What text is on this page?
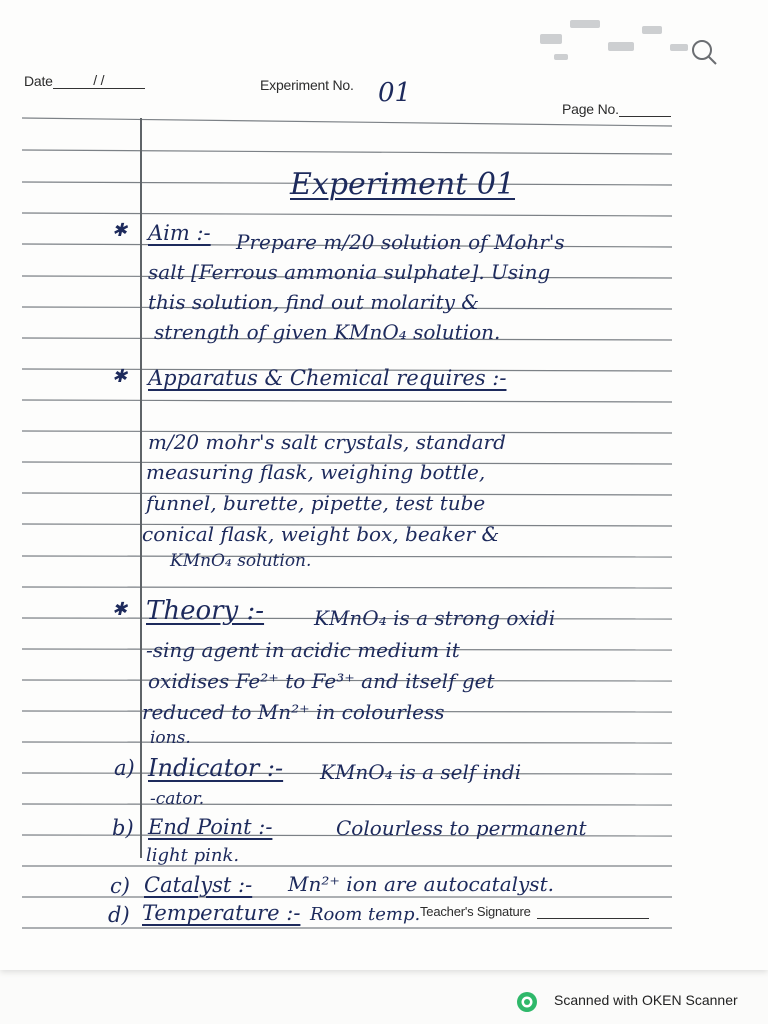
Date	/ /	Experiment No. 01
Page No.
Experiment 01
✱ Aim :- Prepare m/20 solution of Mohr's
salt [Ferrous ammonia sulphate]. Using
this solution, find out molarity &
strength of given KMnO₄ solution.
✱ Apparatus & Chemical requires :-
m/20 mohr's salt crystals, standard
measuring flask, weighing bottle,
funnel, burette, pipette, test tube
conical flask, weight box, beaker &
KMnO₄ solution.
✱ Theory :- KMnO₄ is a strong oxidi
-sing agent in acidic medium it
oxidises Fe²⁺ to Fe³⁺ and itself get
reduced to Mn²⁺ in colourless
ions.
a) Indicator :- KMnO₄ is a self indi
-cator.
b) End Point :-	Colourless to permanent
light pink.
c) Catalyst :- Mn²⁺ ion are autocatalyst.
d) Temperature :- Room temp. Teacher's Signature
Scanned with OKEN Scanner
